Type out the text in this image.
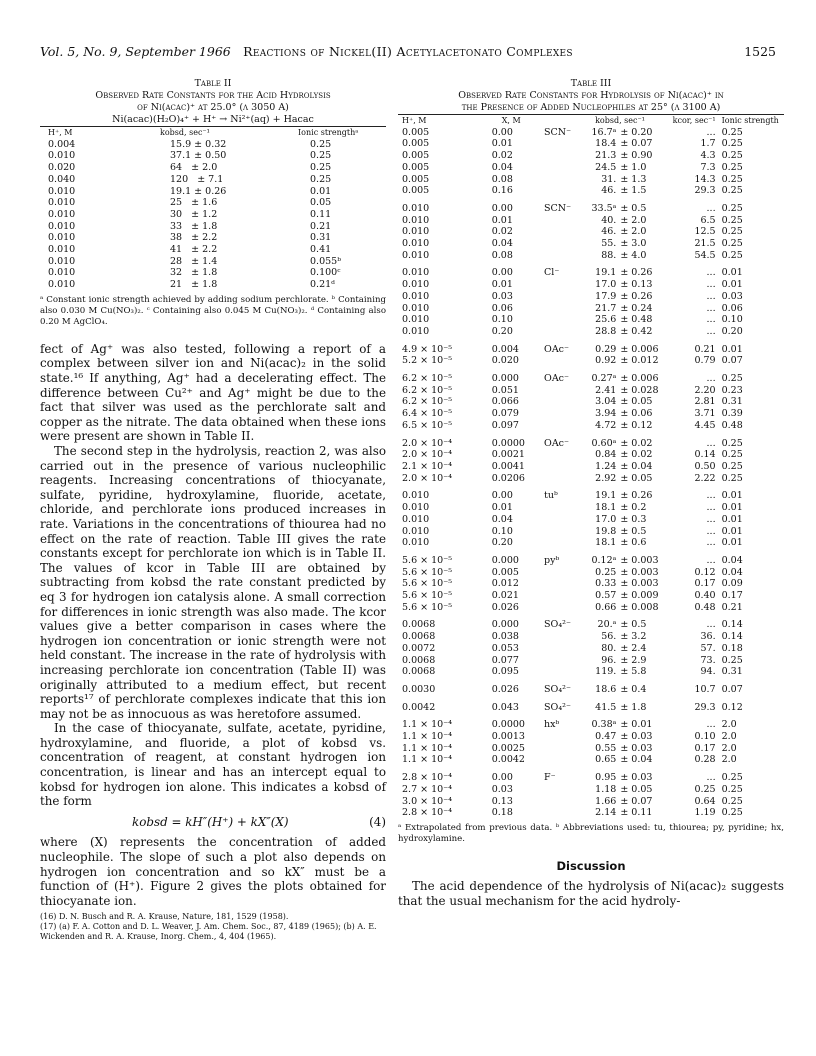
Vol. 5, No. 9, September 1966 Reactions of Nickel(II) Acetylacetonato Complexes	1525
Table II
Observed Rate Constants for the Acid Hydrolysis
of Ni(acac)⁺ at 25.0° (λ 3050 A)
Ni(acac)(H₂O)₄⁺ + H⁺ → Ni²⁺(aq) + Hacac
H⁺, M	kobsd, sec⁻¹	Ionic strengthᵃ
0.004	15.9 ± 0.32	0.25
0.010	37.1 ± 0.50	0.25
0.020	64   ± 2.0	0.25
0.040	120   ± 7.1	0.25
0.010	19.1 ± 0.26	0.01
0.010	25   ± 1.6	0.05
0.010	30   ± 1.2	0.11
0.010	33   ± 1.8	0.21
0.010	38   ± 2.2	0.31
0.010	41   ± 2.2	0.41
0.010	28   ± 1.4	0.055ᵇ
0.010	32   ± 1.8	0.100ᶜ
0.010	21   ± 1.8	0.21ᵈ
ᵃ Constant ionic strength achieved by adding sodium perchlorate. ᵇ Containing also 0.030 M Cu(NO₃)₂. ᶜ Containing also 0.045 M Cu(NO₃)₂. ᵈ Containing also 0.20 M AgClO₄.

fect of Ag⁺ was also tested, following a report of a complex between silver ion and Ni(acac)₂ in the solid state.¹⁶ If anything, Ag⁺ had a decelerating effect. The difference between Cu²⁺ and Ag⁺ might be due to the fact that silver was used as the perchlorate salt and copper as the nitrate. The data obtained when these ions were present are shown in Table II.

The second step in the hydrolysis, reaction 2, was also carried out in the presence of various nucleophilic reagents. Increasing concentrations of thiocyanate, sulfate, pyridine, hydroxylamine, fluoride, acetate, chloride, and perchlorate ions produced increases in rate. Variations in the concentrations of thiourea had no effect on the rate of reaction. Table III gives the rate constants except for perchlorate ion which is in Table II. The values of kcor in Table III are obtained by subtracting from kobsd the rate constant predicted by eq 3 for hydrogen ion catalysis alone. A small correction for differences in ionic strength was also made. The kcor values give a better comparison in cases where the hydrogen ion concentration or ionic strength were not held constant. The increase in the rate of hydrolysis with increasing perchlorate ion concentration (Table II) was originally attributed to a medium effect, but recent reports¹⁷ of perchlorate complexes indicate that this ion may not be as innocuous as was heretofore assumed.

In the case of thiocyanate, sulfate, acetate, pyridine, hydroxylamine, and fluoride, a plot of kobsd vs. concentration of reagent, at constant hydrogen ion concentration, is linear and has an intercept equal to kobsd for hydrogen ion alone. This indicates a kobsd of the form

kobsd = kH″(H⁺) + kX″(X)	(4)

where (X) represents the concentration of added nucleophile. The slope of such a plot also depends on hydrogen ion concentration and so kX″ must be a function of (H⁺). Figure 2 gives the plots obtained for thiocyanate ion.

(16) D. N. Busch and R. A. Krause, Nature, 181, 1529 (1958).
(17) (a) F. A. Cotton and D. L. Weaver, J. Am. Chem. Soc., 87, 4189 (1965); (b) A. E. Wickenden and R. A. Krause, Inorg. Chem., 4, 404 (1965).
Table III
Observed Rate Constants for Hydrolysis of Ni(acac)⁺ in
the Presence of Added Nucleophiles at 25° (λ 3100 A)
H⁺, M	X, M		kobsd, sec⁻¹		kcor, sec⁻¹	Ionic strength
0.005	0.00	SCN⁻	16.7ᵃ	± 0.20	...	0.25
0.005	0.01		18.4	± 0.07	1.7	0.25
0.005	0.02		21.3	± 0.90	4.3	0.25
0.005	0.04		24.5	± 1.0	7.3	0.25
0.005	0.08		31.	± 1.3	14.3	0.25
0.005	0.16		46.	± 1.5	29.3	0.25

0.010	0.00	SCN⁻	33.5ᵃ	± 0.5	...	0.25
0.010	0.01		40.	± 2.0	6.5	0.25
0.010	0.02		46.	± 2.0	12.5	0.25
0.010	0.04		55.	± 3.0	21.5	0.25
0.010	0.08		88.	± 4.0	54.5	0.25

0.010	0.00	Cl⁻	19.1	± 0.26	...	0.01
0.010	0.01		17.0	± 0.13	...	0.01
0.010	0.03		17.9	± 0.26	...	0.03
0.010	0.06		21.7	± 0.24	...	0.06
0.010	0.10		25.6	± 0.48	...	0.10
0.010	0.20		28.8	± 0.42	...	0.20

4.9 × 10⁻⁵	0.004	OAc⁻	0.29	± 0.006	0.21	0.01
5.2 × 10⁻⁵	0.020		0.92	± 0.012	0.79	0.07

6.2 × 10⁻⁵	0.000	OAc⁻	0.27ᵃ	± 0.006	...	0.25
6.2 × 10⁻⁵	0.051		2.41	± 0.028	2.20	0.23
6.2 × 10⁻⁵	0.066		3.04	± 0.05	2.81	0.31
6.4 × 10⁻⁵	0.079		3.94	± 0.06	3.71	0.39
6.5 × 10⁻⁵	0.097		4.72	± 0.12	4.45	0.48

2.0 × 10⁻⁴	0.0000	OAc⁻	0.60ᵃ	± 0.02	...	0.25
2.0 × 10⁻⁴	0.0021		0.84	± 0.02	0.14	0.25
2.1 × 10⁻⁴	0.0041		1.24	± 0.04	0.50	0.25
2.0 × 10⁻⁴	0.0206		2.92	± 0.05	2.22	0.25

0.010	0.00	tuᵇ	19.1	± 0.26	...	0.01
0.010	0.01		18.1	± 0.2	...	0.01
0.010	0.04		17.0	± 0.3	...	0.01
0.010	0.10		19.8	± 0.5	...	0.01
0.010	0.20		18.1	± 0.6	...	0.01

5.6 × 10⁻⁵	0.000	pyᵇ	0.12ᵃ	± 0.003	...	0.04
5.6 × 10⁻⁵	0.005		0.25	± 0.003	0.12	0.04
5.6 × 10⁻⁵	0.012		0.33	± 0.003	0.17	0.09
5.6 × 10⁻⁵	0.021		0.57	± 0.009	0.40	0.17
5.6 × 10⁻⁵	0.026		0.66	± 0.008	0.48	0.21

0.0068	0.000	SO₄²⁻	20.ᵃ	± 0.5	...	0.14
0.0068	0.038		56.	± 3.2	36.	0.14
0.0072	0.053		80.	± 2.4	57.	0.18
0.0068	0.077		96.	± 2.9	73.	0.25
0.0068	0.095		119.	± 5.8	94.	0.31

0.0030	0.026	SO₄²⁻	18.6	± 0.4	10.7	0.07

0.0042	0.043	SO₄²⁻	41.5	± 1.8	29.3	0.12

1.1 × 10⁻⁴	0.0000	hxᵇ	0.38ᵃ	± 0.01	...	2.0
1.1 × 10⁻⁴	0.0013		0.47	± 0.03	0.10	2.0
1.1 × 10⁻⁴	0.0025		0.55	± 0.03	0.17	2.0
1.1 × 10⁻⁴	0.0042		0.65	± 0.04	0.28	2.0

2.8 × 10⁻⁴	0.00	F⁻	0.95	± 0.03	...	0.25
2.7 × 10⁻⁴	0.03		1.18	± 0.05	0.25	0.25
3.0 × 10⁻⁴	0.13		1.66	± 0.07	0.64	0.25
2.8 × 10⁻⁴	0.18		2.14	± 0.11	1.19	0.25
ᵃ Extrapolated from previous data. ᵇ Abbreviations used: tu, thiourea; py, pyridine; hx, hydroxylamine.
Discussion

The acid dependence of the hydrolysis of Ni(acac)₂ suggests that the usual mechanism for the acid hydroly-
